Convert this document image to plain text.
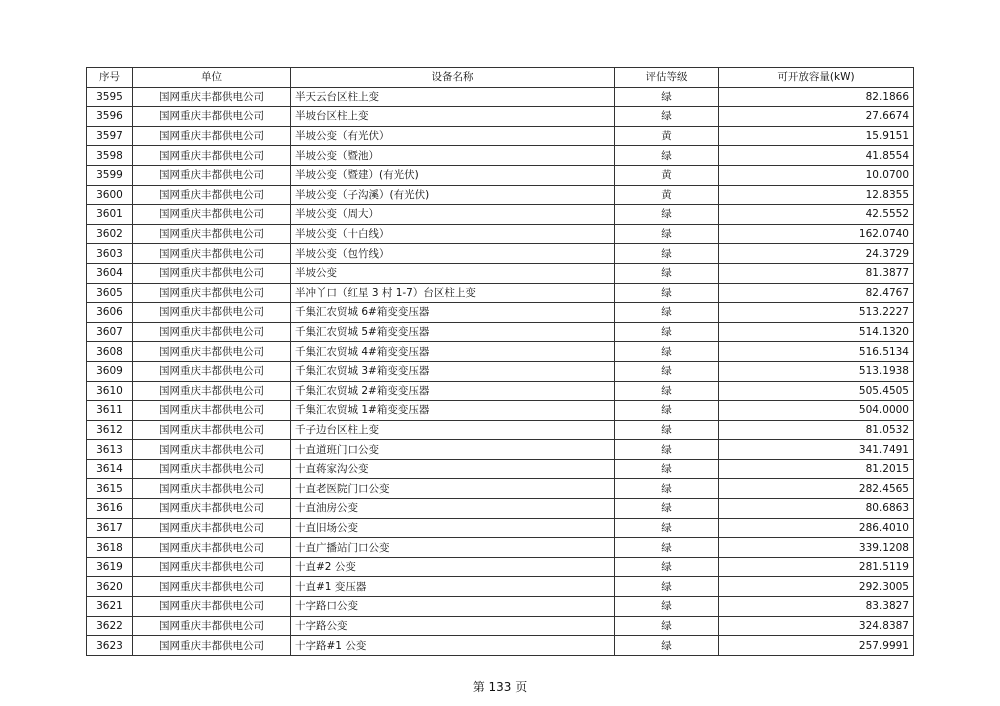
序号	单位	设备名称	评估等级	可开放容量(kW)
3595	国网重庆丰都供电公司	半天云台区柱上变	绿	82.1866
3596	国网重庆丰都供电公司	半坡台区柱上变	绿	27.6674
3597	国网重庆丰都供电公司	半坡公变（有光伏）	黄	15.9151
3598	国网重庆丰都供电公司	半坡公变（暨池）	绿	41.8554
3599	国网重庆丰都供电公司	半坡公变（暨建）(有光伏)	黄	10.0700
3600	国网重庆丰都供电公司	半坡公变（子沟溪）(有光伏)	黄	12.8355
3601	国网重庆丰都供电公司	半坡公变（周大）	绿	42.5552
3602	国网重庆丰都供电公司	半坡公变（十白线）	绿	162.0740
3603	国网重庆丰都供电公司	半坡公变（包竹线）	绿	24.3729
3604	国网重庆丰都供电公司	半坡公变	绿	81.3877
3605	国网重庆丰都供电公司	半冲丫口（红星 3 村 1-7）台区柱上变	绿	82.4767
3606	国网重庆丰都供电公司	千集汇农贸城 6#箱变变压器	绿	513.2227
3607	国网重庆丰都供电公司	千集汇农贸城 5#箱变变压器	绿	514.1320
3608	国网重庆丰都供电公司	千集汇农贸城 4#箱变变压器	绿	516.5134
3609	国网重庆丰都供电公司	千集汇农贸城 3#箱变变压器	绿	513.1938
3610	国网重庆丰都供电公司	千集汇农贸城 2#箱变变压器	绿	505.4505
3611	国网重庆丰都供电公司	千集汇农贸城 1#箱变变压器	绿	504.0000
3612	国网重庆丰都供电公司	千子边台区柱上变	绿	81.0532
3613	国网重庆丰都供电公司	十直道班门口公变	绿	341.7491
3614	国网重庆丰都供电公司	十直蒋家沟公变	绿	81.2015
3615	国网重庆丰都供电公司	十直老医院门口公变	绿	282.4565
3616	国网重庆丰都供电公司	十直油房公变	绿	80.6863
3617	国网重庆丰都供电公司	十直旧场公变	绿	286.4010
3618	国网重庆丰都供电公司	十直广播站门口公变	绿	339.1208
3619	国网重庆丰都供电公司	十直#2 公变	绿	281.5119
3620	国网重庆丰都供电公司	十直#1 变压器	绿	292.3005
3621	国网重庆丰都供电公司	十字路口公变	绿	83.3827
3622	国网重庆丰都供电公司	十字路公变	绿	324.8387
3623	国网重庆丰都供电公司	十字路#1 公变	绿	257.9991
第 133 页
